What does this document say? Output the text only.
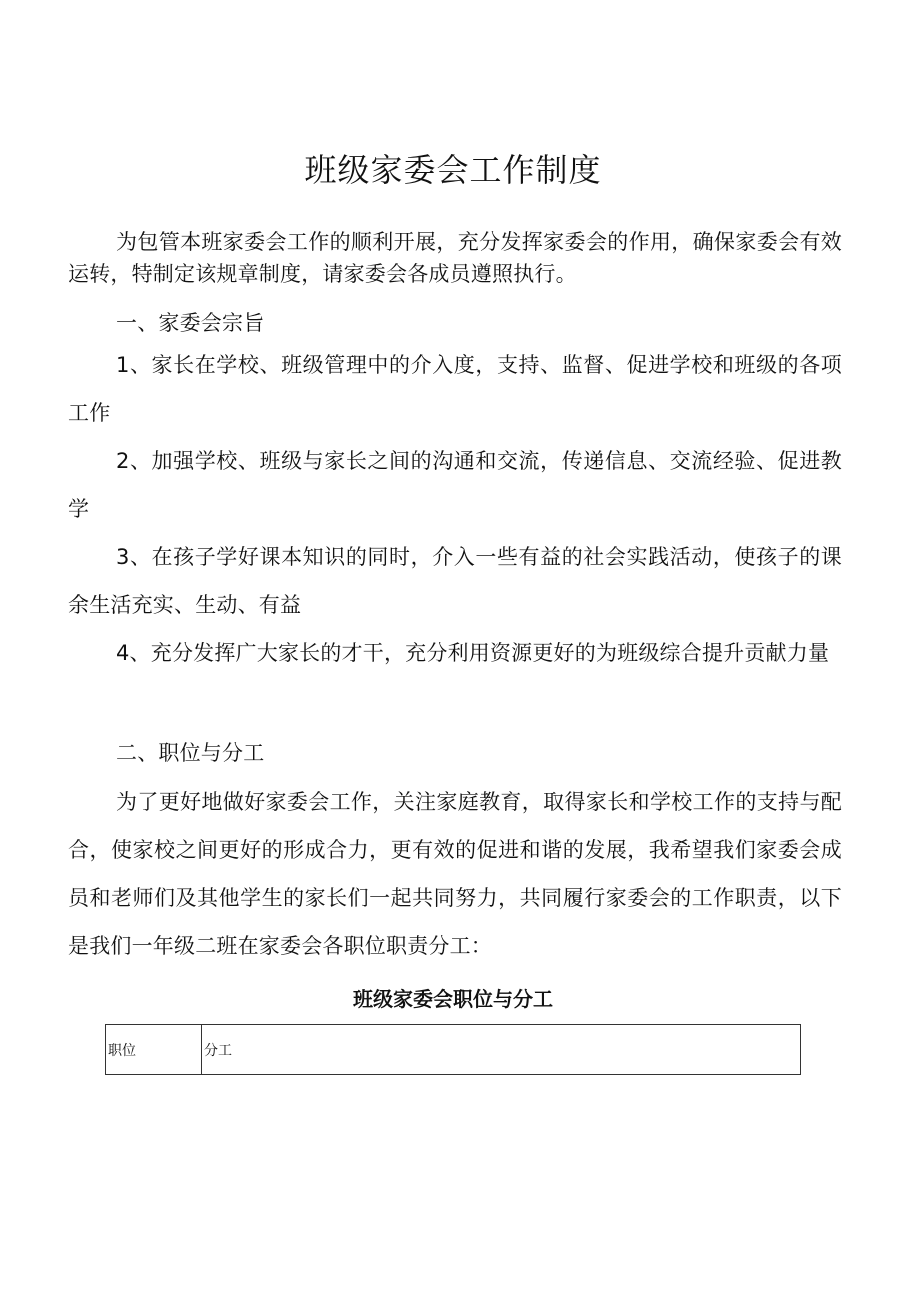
班级家委会工作制度

为包管本班家委会工作的顺利开展，充分发挥家委会的作用，确保家委会有效运转，特制定该规章制度，请家委会各成员遵照执行。

一、家委会宗旨

1、家长在学校、班级管理中的介入度，支持、监督、促进学校和班级的各项工作

2、加强学校、班级与家长之间的沟通和交流，传递信息、交流经验、促进教学

3、在孩子学好课本知识的同时，介入一些有益的社会实践活动，使孩子的课余生活充实、生动、有益

4、充分发挥广大家长的才干，充分利用资源更好的为班级综合提升贡献力量

二、职位与分工

为了更好地做好家委会工作，关注家庭教育，取得家长和学校工作的支持与配合，使家校之间更好的形成合力，更有效的促进和谐的发展，我希望我们家委会成员和老师们及其他学生的家长们一起共同努力，共同履行家委会的工作职责，以下是我们一年级二班在家委会各职位职责分工：

班级家委会职位与分工
职位	分工
